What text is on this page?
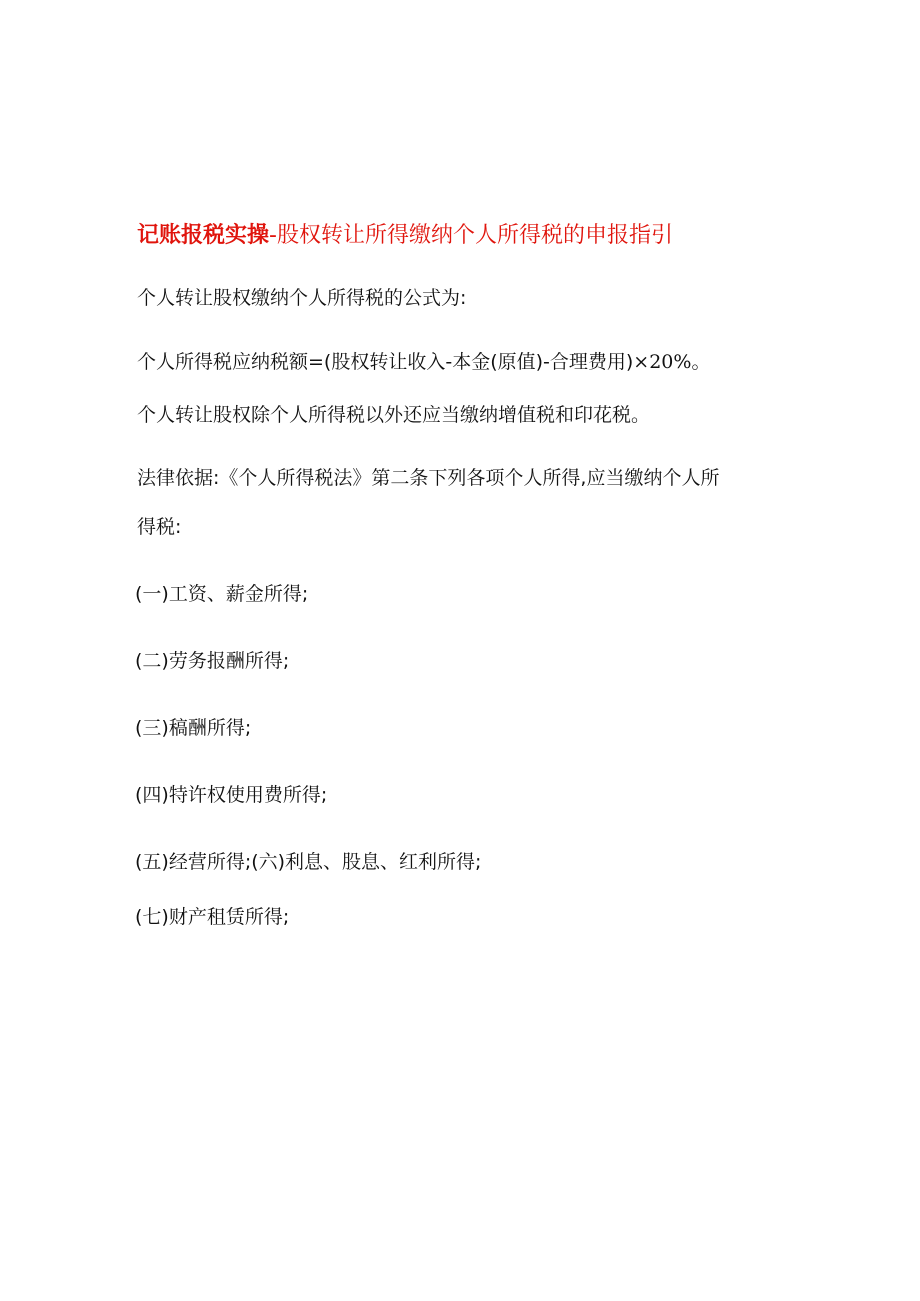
记账报税实操-股权转让所得缴纳个人所得税的申报指引
个人转让股权缴纳个人所得税的公式为:
个人所得税应纳税额=(股权转让收入-本金(原值)-合理费用)×20%。
个人转让股权除个人所得税以外还应当缴纳增值税和印花税。
法律依据:《个人所得税法》第二条下列各项个人所得,应当缴纳个人所
得税:
(一)工资、薪金所得;
(二)劳务报酬所得;
(三)稿酬所得;
(四)特许权使用费所得;
(五)经营所得;(六)利息、股息、红利所得;
(七)财产租赁所得;
